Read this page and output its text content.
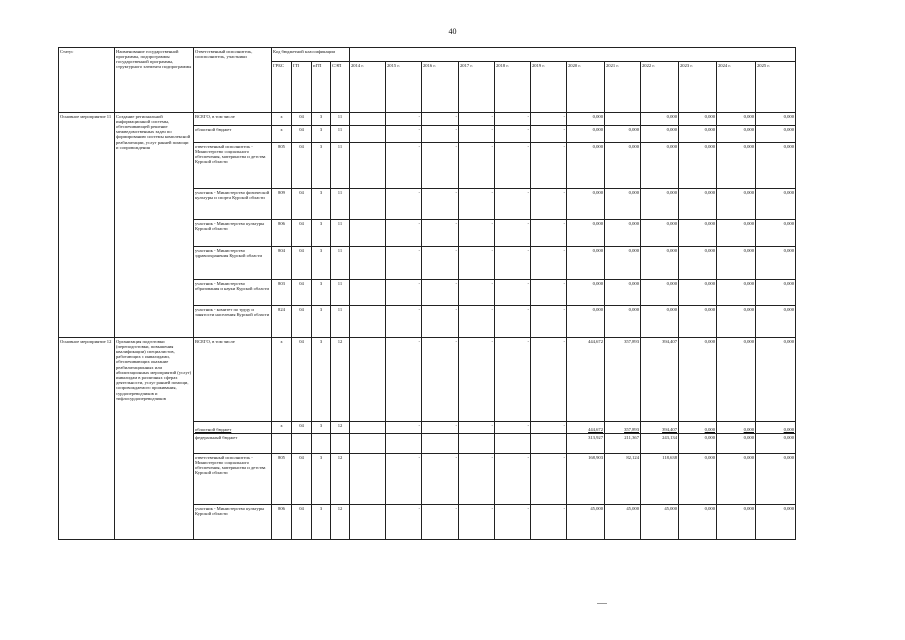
40
Статус	Наименование государственной программы, подпрограммы государственной программы, структурного элемента подпрограммы	Ответственный исполнитель, соисполнитель, участники	Код бюджетной классификации															
			ГРБС	ГП	пГП	СЭП	2014 г.	2015 г.	2016 г.	2017 г.	2018 г.	2019 г.	2020 г.	2021 г.	2022 г.	2023 г.	2024 г.	2025 г.
Основное мероприятие 11	Создание региональной информационной системы, обеспечивающей решение межведомственных задач по формированию системы комплексной реабилитации, услуг ранней помощи и сопровождения	ВСЕГО, в том числе	х	04	3	11		-	-	-	-	-	0,000		0,000	0,000	0,000	0,000
		областной бюджет	х	04	3	11		-	-	-	-	-	0,000	0,000	0,000	0,000	0,000	0,000
		ответственный исполнитель - Министерство социального обеспечения, материнства и детства Курской области	805	04	3	11		-	-	-	-	-	0,000	0,000	0,000	0,000	0,000	0,000
		участник - Министерство физической культуры и спорта Курской области	809	04	3	11		-	-	-	-	-	0,000	0,000	0,000	0,000	0,000	0,000
		участник - Министерство культуры Курской области	806	04	3	11		-	-	-	-	-	0,000	0,000	0,000	0,000	0,000	0,000
		участник - Министерство здравоохранения Курской области	804	04	3	11		-	-	-	-	-	0,000	0,000	0,000	0,000	0,000	0,000
		участник - Министерство образования и науки Курской области	803	04	3	11		-	-	-	-	-	0,000	0,000	0,000	0,000	0,000	0,000
		участник - комитет по труду и занятости населения Курской области	824	04	3	11		-	-	-	-	-	0,000	0,000	0,000	0,000	0,000	0,000
Основное мероприятие 12	Организация подготовки (переподготовки, повышения квалификации) специалистов, работающих с инвалидами, обеспечивающих оказание реабилитационных или абилитационных мероприятий (услуг) инвалидам в различных сферах деятельности, услуг ранней помощи, сопровождаемого проживания, сурдопереводчиков и тифлосурдопереводчиков	ВСЕГО, в том числе	х	04	3	12		-	-	-	-	-	444,672	357,893	394,407	0,000	0,000	0,000
		областной бюджет	х	04	3	12		-	-	-	-	-	444,672	357,893	394,407	0,000	0,000	0,000
		федеральный бюджет											313,927	211,367	243,134	0,000	0,000	0,000
		ответственный исполнитель - Министерство социального обеспечения, материнства и детства Курской области	805	04	3	12		-	-	-	-	-	168,903	82,124	118,638	0,000	0,000	0,000
		участник - Министерство культуры Курской области	806	04	3	12		-	-	-	-	-	45,000	45,000	45,000	0,000	0,000	0,000
